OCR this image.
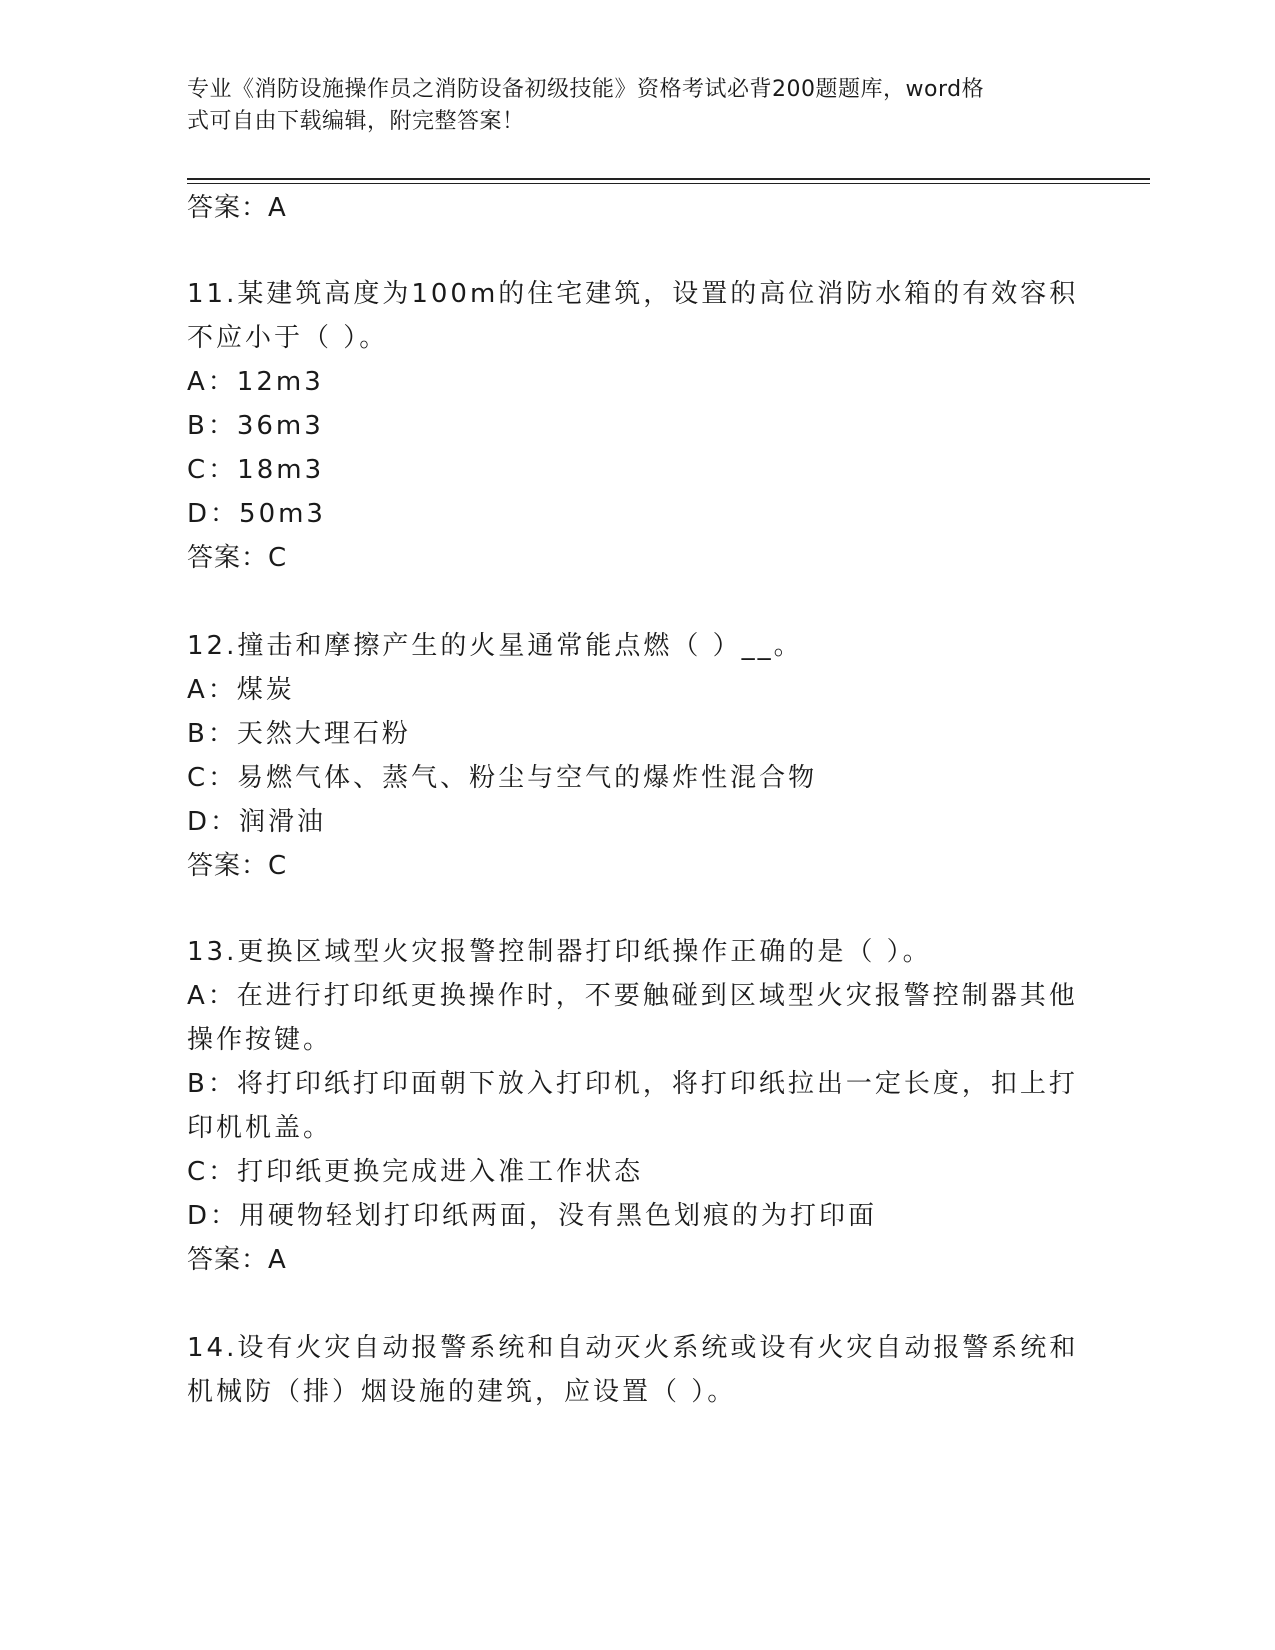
专业《消防设施操作员之消防设备初级技能》资格考试必背200题题库，word格
式可自由下载编辑，附完整答案！
答案：A
11.某建筑高度为100m的住宅建筑，设置的高位消防水箱的有效容积
不应小于（ ）。
A：12m3
B：36m3
C：18m3
D：50m3
答案：C
12.撞击和摩擦产生的火星通常能点燃（ ）__。
A：煤炭
B：天然大理石粉
C：易燃气体、蒸气、粉尘与空气的爆炸性混合物
D：润滑油
答案：C
13.更换区域型火灾报警控制器打印纸操作正确的是（ ）。
A：在进行打印纸更换操作时，不要触碰到区域型火灾报警控制器其他
操作按键。
B：将打印纸打印面朝下放入打印机，将打印纸拉出一定长度，扣上打
印机机盖。
C：打印纸更换完成进入准工作状态
D：用硬物轻划打印纸两面，没有黑色划痕的为打印面
答案：A
14.设有火灾自动报警系统和自动灭火系统或设有火灾自动报警系统和
机械防（排）烟设施的建筑，应设置（ ）。
